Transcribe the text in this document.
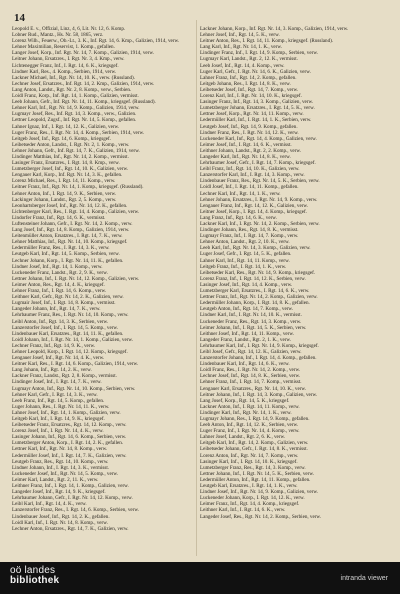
14

Leopold E. v., Offizial, Linz, 4, 6, Lit. Nr. 12, 6. Komp.

Lobner Rud., Mantz., Hs. Nr. 58, 1865, verz.

Lorenz Wilh., Feuerw., Ob.-Lt., 3. K., Inf. Rgt. 14, 6. Kmp., Galizien, 1914, verw.

Lehner Maximilian, Reservist, 1. Komp., gefallen.

Langer Josef, Korp., Inf. Rgt. Nr. 14, 7. Komp., Galizien, 1914, verw.

Leitner Johann, Ersatzres., I. Rgt. Nr. 3, 4. Kmp., verw.

Lichtenegger Franz, Inf., I. Rgt. 14, 6. K., kriegsgef.

Lindner Karl, Res., 4. Komp., Serbien, 1914, verw.

Lackner Michael, Inf., Rgt. Nr. 14, 10. K., verw. (Russland).

Lechner Josef, Ersatzres., Inf. Rgt. 14, 2. Kmp., Galizien, 1914, verw.

Lang Anton, Landst., Rgt. Nr. 2, 8. Komp., verw., Serbien.

Loidl Franz, Korp., Inf. Rgt. 14, 1. Komp., Galizien, vermisst.

Leeb Johann, Gefr., Inf. Rgt. Nr. 14, 11. Komp., kriegsgef. (Russland).

Lehner Karl, Inf., Rgt. Nr. 14, 9. Komp., Galizien, 1914, verw.

Lugmayr Josef, Res., Inf. Rgt. 14, 3. Komp., verw., Galizien.

Lettner Leopold, Zugsf., Inf. Rgt. Nr. 14, 5. Komp., gefallen.

Lahner Ignaz, Inf., I. Rgt. 14, 12. K., Galizien, verw.

Luger Franz, Res., I. Rgt. Nr. 14, 4. Komp., Serbien, 1914, verw.

Leitgeb Josef, Inf., Rgt. 14, 6. Komp., kriegsgef.

Leibetseder Anton, Landst., I. Rgt. Nr. 2, 1. Komp., verw.

Lehner Johann, Gefr., Inf. Rgt. 14, 7. K., Galizien, 1914, verw.

Lindinger Matthias, Inf., Rgt. Nr. 14, 2. Komp., vermisst.

Lasinger Franz, Ersatzres., I. Rgt. 14, 8. Kmp., verw.

Lumetzberger Josef, Inf., Rgt. 14, 10. K., Galizien, verw.

Lengauer Karl, Korp., Inf. Rgt. Nr. 14, 3. K., gefallen.

Lorenz Michael, Res., I. Rgt. 14, 11. Komp., verw.

Leitner Franz, Inf., Rgt. Nr. 14, 1. Komp., kriegsgef. (Russland).

Lehner Anton, Inf., I. Rgt. 14, 9. K., Serbien, verw.

Lackinger Johann, Landst., Rgt. 2, 5. Komp., verw.

Leonhartsberger Josef, Inf., Rgt. Nr. 14, 12. K., gefallen.

Lichtenberger Karl, Res., I. Rgt. 14, 4. Komp., Galizien, verw.

Lindorfer Franz, Inf., Rgt. 14, 6. K., vermisst.

Luftensteiner Johann, Gefr., I. Rgt. Nr. 14, 2. Komp., verw.

Lang Josef, Inf., Rgt. 14, 8. Komp., Galizien, 1914, verw.

Leitenmüller Anton, Ersatzres., I. Rgt. 14, 7. K., verw.

Lehner Matthias, Inf., Rgt. Nr. 14, 10. Komp., kriegsgef.

Ledermüller Franz, Res., I. Rgt. 14, 3. K., verw.

Leutgeb Karl, Inf., Rgt. 14, 5. Komp., Serbien, verw.

Lechner Johann, Korp., I. Rgt. Nr. 14, 11. K., gefallen.

Lindner Josef, Inf., Rgt. 14, 1. Komp., verw.

Luckeneder Franz, Landst., Rgt. 2, 9. K., verw.

Lettner Johann, Inf., I. Rgt. Nr. 14, 12. Komp., Galizien, verw.

Leimer Anton, Res., Rgt. 14, 4. K., kriegsgef.

Lehner Franz, Inf., I. Rgt. 14, 6. Komp., verw.

Leithner Karl, Gefr., Rgt. Nr. 14, 2. K., Galizien, verw.

Lugmair Josef, Inf., I. Rgt. 14, 8. Komp., vermisst.

Langeder Johann, Inf., Rgt. 14, 7. K., verw.

Lehrbaumer Franz, Res., I. Rgt. Nr. 14, 10. Komp., verw.

Leibl Anton, Inf., Rgt. 14, 3. K., Serbien, verw.

Lanzerstorfer Josef, Inf., I. Rgt. 14, 5. Komp., verw.

Lindenbauer Karl, Ersatzres., Rgt. 14, 11. K., gefallen.

Loidl Johann, Inf., I. Rgt. Nr. 14, 1. Komp., Galizien, verw.

Lechner Franz, Inf., Rgt. 14, 9. K., verw.

Lehner Leopold, Korp., I. Rgt. 14, 12. Komp., kriegsgef.

Lengauer Josef, Inf., Rgt. Nr. 14, 4. K., verw.

Leitner Karl, Res., I. Rgt. 14, 6. Komp., Galizien, 1914, verw.

Lang Johann, Inf., Rgt. 14, 2. K., verw.

Lackner Franz, Landst., Rgt. 2, 8. Komp., vermisst.

Lindinger Josef, Inf., I. Rgt. 14, 7. K., verw.

Lugmayr Anton, Inf., Rgt. Nr. 14, 10. Komp., Serbien, verw.

Lehner Karl, Gefr., I. Rgt. 14, 3. K., verw.

Leeb Franz, Inf., Rgt. 14, 5. Komp., gefallen.

Luger Johann, Res., I. Rgt. Nr. 14, 11. K., verw.

Lahner Josef, Inf., Rgt. 14, 1. Komp., Galizien, verw.

Leitgeb Karl, Inf., I. Rgt. 14, 9. K., kriegsgef.

Leibetseder Franz, Ersatzres., Rgt. 14, 12. Komp., verw.

Lorenz Josef, Inf., I. Rgt. Nr. 14, 4. K., verw.

Lasinger Johann, Inf., Rgt. 14, 6. Komp., Serbien, verw.

Lumetzberger Anton, Korp., I. Rgt. 14, 2. K., gefallen.

Lettner Karl, Inf., Rgt. Nr. 14, 8. Komp., verw.

Ledermüller Josef, Inf., I. Rgt. 14, 7. K., Galizien, verw.

Leutgeb Franz, Res., Rgt. 14, 10. Komp., verw.

Lindner Johann, Inf., I. Rgt. 14, 3. K., vermisst.

Luckeneder Josef, Inf., Rgt. Nr. 14, 5. Komp., verw.

Leimer Karl, Landst., Rgt. 2, 11. K., verw.

Leithner Franz, Inf., I. Rgt. 14, 1. Komp., Galizien, verw.

Langeder Josef, Inf., Rgt. 14, 9. K., kriegsgef.

Lehrbaumer Johann, Gefr., I. Rgt. Nr. 14, 12. Komp., verw.

Leibl Karl, Inf., Rgt. 14, 4. K., verw.

Lanzerstorfer Franz, Res., I. Rgt. 14, 6. Komp., Serbien, verw.

Lindenbauer Josef, Inf., Rgt. 14, 2. K., gefallen.

Loidl Karl, Inf., I. Rgt. Nr. 14, 8. Komp., verw.

Lechner Anton, Ersatzres., Rgt. 14, 7. K., Galizien, verw.

Lackner Johann, Korp., Inf. Rgt. Nr. 14, 3. Komp., Galizien, 1914, verw.

Lehner Josef, Inf., Rgt. 14, 5. K., verw.

Leitner Anton, Res., I. Rgt. 14, 11. Komp., kriegsgef. (Russland).

Lang Karl, Inf., Rgt. Nr. 14, 1. K., verw.

Lindinger Franz, Inf., I. Rgt. 14, 9. Komp., Serbien, verw.

Lugmayr Karl, Landst., Rgt. 2, 12. K., vermisst.

Leeb Josef, Inf., Rgt. 14, 4. Komp., verw.

Luger Karl, Gefr., I. Rgt. Nr. 14, 6. K., Galizien, verw.

Lahner Franz, Inf., Rgt. 14, 2. Komp., gefallen.

Leitgeb Johann, Res., I. Rgt. 14, 8. K., verw.

Leibetseder Josef, Inf., Rgt. 14, 7. Komp., verw.

Lorenz Karl, Inf., I. Rgt. Nr. 14, 10. K., kriegsgef.

Lasinger Franz, Inf., Rgt. 14, 3. Komp., Galizien, verw.

Lumetzberger Johann, Ersatzres., I. Rgt. 14, 5. K., verw.

Lettner Josef, Korp., Rgt. Nr. 14, 11. Komp., verw.

Ledermüller Karl, Inf., I. Rgt. 14, 1. K., Serbien, verw.

Leutgeb Josef, Inf., Rgt. 14, 9. Komp., gefallen.

Lindner Franz, Res., I. Rgt. Nr. 14, 12. K., verw.

Luckeneder Karl, Inf., Rgt. 14, 4. Komp., Galizien, verw.

Leimer Josef, Inf., I. Rgt. 14, 6. K., vermisst.

Leithner Johann, Landst., Rgt. 2, 2. Komp., verw.

Langeder Karl, Inf., Rgt. Nr. 14, 8. K., verw.

Lehrbaumer Josef, Gefr., I. Rgt. 14, 7. Komp., kriegsgef.

Leibl Franz, Inf., Rgt. 14, 10. K., Galizien, verw.

Lanzerstorfer Karl, Inf., I. Rgt. 14, 3. Komp., verw.

Lindenbauer Franz, Res., Rgt. Nr. 14, 5. K., Serbien, verw.

Loidl Josef, Inf., I. Rgt. 14, 11. Komp., gefallen.

Lechner Karl, Inf., Rgt. 14, 1. K., verw.

Lehner Johann, Ersatzres., I. Rgt. Nr. 14, 9. Komp., verw.

Lengauer Franz, Inf., Rgt. 14, 12. K., Galizien, verw.

Leitner Josef, Korp., I. Rgt. 14, 4. Komp., kriegsgef.

Lang Franz, Inf., Rgt. 14, 6. K., verw.

Lackner Karl, Inf., I. Rgt. Nr. 14, 2. Komp., Serbien, verw.

Lindinger Johann, Res., Rgt. 14, 8. K., vermisst.

Lugmayr Franz, Inf., I. Rgt. 14, 7. Komp., verw.

Lehner Anton, Landst., Rgt. 2, 10. K., verw.

Leeb Karl, Inf., Rgt. Nr. 14, 3. Komp., Galizien, verw.

Luger Josef, Gefr., I. Rgt. 14, 5. K., gefallen.

Lahner Karl, Inf., Rgt. 14, 11. Komp., verw.

Leitgeb Franz, Inf., I. Rgt. 14, 1. K., verw.

Leibetseder Karl, Res., Rgt. Nr. 14, 9. Komp., kriegsgef.

Lorenz Franz, Inf., I. Rgt. 14, 12. K., Serbien, verw.

Lasinger Josef, Inf., Rgt. 14, 4. Komp., verw.

Lumetzberger Karl, Ersatzres., I. Rgt. 14, 6. K., verw.

Lettner Franz, Inf., Rgt. Nr. 14, 2. Komp., Galizien, verw.

Ledermüller Johann, Korp., I. Rgt. 14, 8. K., gefallen.

Leutgeb Anton, Inf., Rgt. 14, 7. Komp., verw.

Lindner Karl, Inf., I. Rgt. Nr. 14, 10. K., vermisst.

Luckeneder Franz, Res., Rgt. 14, 3. Komp., verw.

Leimer Johann, Inf., I. Rgt. 14, 5. K., Serbien, verw.

Leithner Josef, Inf., Rgt. 14, 11. Komp., verw.

Langeder Franz, Landst., Rgt. 2, 1. K., verw.

Lehrbaumer Karl, Inf., I. Rgt. Nr. 14, 9. Komp., kriegsgef.

Leibl Josef, Gefr., Rgt. 14, 12. K., Galizien, verw.

Lanzerstorfer Johann, Inf., I. Rgt. 14, 4. Komp., gefallen.

Lindenbauer Karl, Inf., Rgt. 14, 6. K., verw.

Loidl Franz, Res., I. Rgt. Nr. 14, 2. Komp., verw.

Lechner Josef, Inf., Rgt. 14, 8. K., Serbien, verw.

Lehner Franz, Inf., I. Rgt. 14, 7. Komp., vermisst.

Lengauer Karl, Ersatzres., Rgt. Nr. 14, 10. K., verw.

Leitner Johann, Inf., I. Rgt. 14, 3. Komp., Galizien, verw.

Lang Josef, Korp., Rgt. 14, 5. K., kriegsgef.

Lackner Anton, Inf., I. Rgt. 14, 11. Komp., verw.

Lindinger Karl, Inf., Rgt. Nr. 14, 1. K., verw.

Lugmayr Johann, Res., I. Rgt. 14, 9. Komp., gefallen.

Leeb Anton, Inf., Rgt. 14, 12. K., Serbien, verw.

Luger Franz, Inf., I. Rgt. Nr. 14, 4. Komp., verw.

Lahner Josef, Landst., Rgt. 2, 6. K., verw.

Leitgeb Karl, Inf., Rgt. 14, 2. Komp., Galizien, verw.

Leibetseder Johann, Gefr., I. Rgt. 14, 8. K., vermisst.

Lorenz Anton, Inf., Rgt. Nr. 14, 7. Komp., verw.

Lasinger Karl, Inf., I. Rgt. 14, 10. K., kriegsgef.

Lumetzberger Franz, Res., Rgt. 14, 3. Komp., verw.

Lettner Johann, Inf., I. Rgt. Nr. 14, 5. K., Serbien, verw.

Ledermüller Anton, Inf., Rgt. 14, 11. Komp., gefallen.

Leutgeb Karl, Ersatzres., I. Rgt. 14, 1. K., verw.

Lindner Josef, Inf., Rgt. Nr. 14, 9. Komp., Galizien, verw.

Luckeneder Johann, Korp., I. Rgt. 14, 12. K., verw.

Leimer Franz, Inf., Rgt. 14, 4. Komp., kriegsgef.

Leithner Karl, Inf., I. Rgt. 14, 6. K., verw.

Langeder Josef, Res., Rgt. Nr. 14, 2. Komp., Serbien, verw.

oö landes
bibliothek	intranda viewer
